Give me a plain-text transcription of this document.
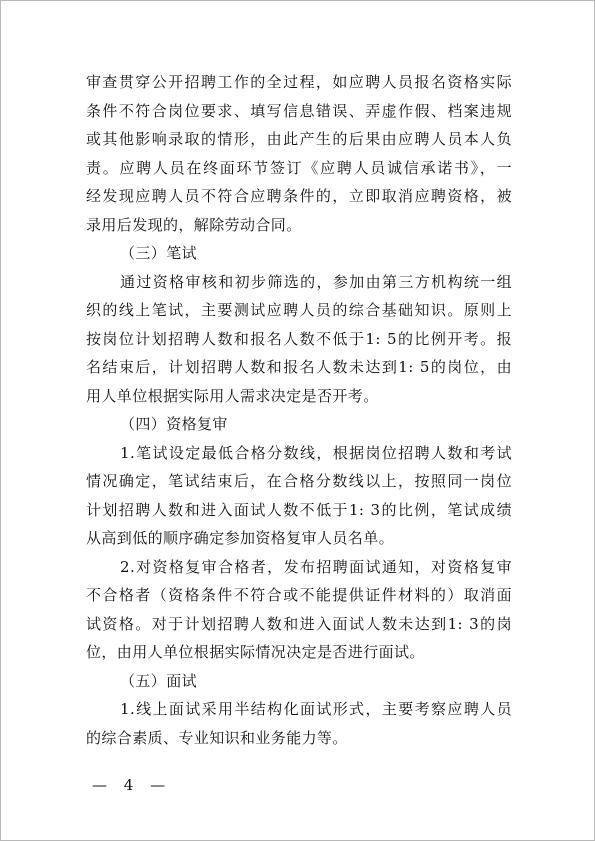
审查贯穿公开招聘工作的全过程，如应聘人员报名资格实际
条件不符合岗位要求、填写信息错误、弄虚作假、档案违规
或其他影响录取的情形，由此产生的后果由应聘人员本人负
责。应聘人员在终面环节签订《应聘人员诚信承诺书》，一
经发现应聘人员不符合应聘条件的，立即取消应聘资格，被
录用后发现的，解除劳动合同。
（三）笔试
通过资格审核和初步筛选的，参加由第三方机构统一组
织的线上笔试，主要测试应聘人员的综合基础知识。原则上
按岗位计划招聘人数和报名人数不低于1: 5的比例开考。报
名结束后，计划招聘人数和报名人数未达到1: 5的岗位，由
用人单位根据实际用人需求决定是否开考。
（四）资格复审
1.笔试设定最低合格分数线，根据岗位招聘人数和考试
情况确定，笔试结束后，在合格分数线以上，按照同一岗位
计划招聘人数和进入面试人数不低于1: 3的比例，笔试成绩
从高到低的顺序确定参加资格复审人员名单。
2.对资格复审合格者，发布招聘面试通知，对资格复审
不合格者（资格条件不符合或不能提供证件材料的）取消面
试资格。对于计划招聘人数和进入面试人数未达到1: 3的岗
位，由用人单位根据实际情况决定是否进行面试。
（五）面试
1.线上面试采用半结构化面试形式，主要考察应聘人员
的综合素质、专业知识和业务能力等。
— 4 —
